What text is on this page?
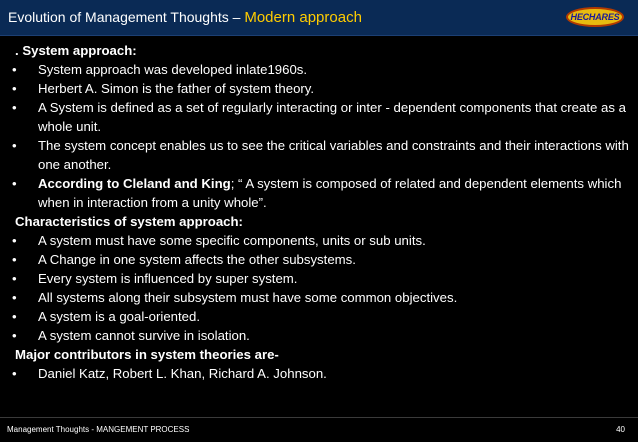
Evolution of Management Thoughts – Modern approach	HECHARES
. System approach:
• System approach was developed inlate1960s.
• Herbert A. Simon is the father of system theory.
• A System is defined as a set of regularly interacting or inter - dependent components that create as a whole unit.
• The system concept enables us to see the critical variables and constraints and their interactions with one another.
• According to Cleland and King; “ A system is composed of related and dependent elements which when in interaction from a unity whole”.
Characteristics of system approach:
• A system must have some specific components, units or sub units.
• A Change in one system affects the other subsystems.
• Every system is influenced by super system.
• All systems along their subsystem must have some common objectives.
• A system is a goal-oriented.
• A system cannot survive in isolation.
Major contributors in system theories are-
• Daniel Katz, Robert L. Khan, Richard A. Johnson.
Management Thoughts - MANGEMENT PROCESS	40
